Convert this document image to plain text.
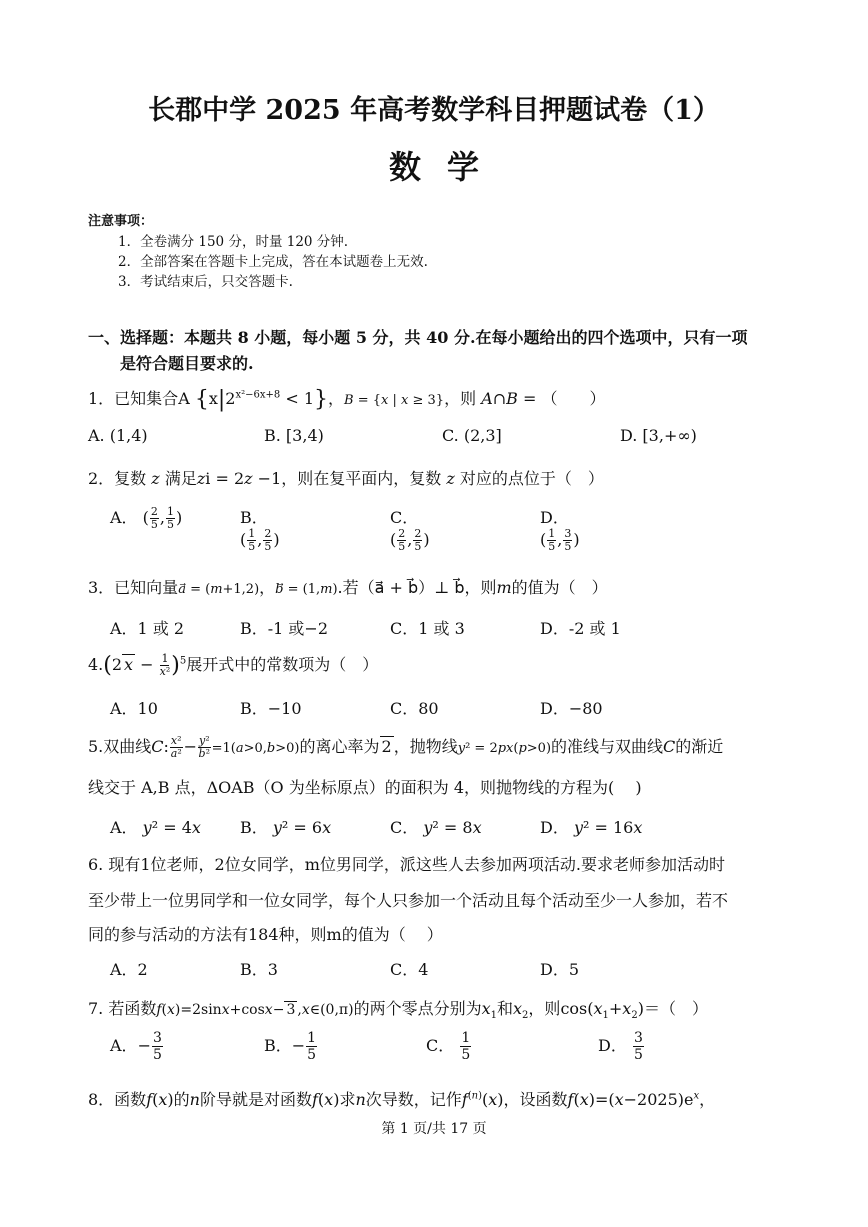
长郡中学 2025 年高考数学科目押题试卷（1）
数学
注意事项：
1．全卷满分 150 分，时量 120 分钟.
2．全部答案在答题卡上完成，答在本试题卷上无效.
3．考试结束后，只交答题卡.
一、选择题：本题共 8 小题，每小题 5 分，共 40 分.在每小题给出的四个选项中，只有一项
是符合题目要求的.
1．已知集合A $\{x|2^{x^2-6x+8} < 1\}$，B = {x | x ≥ 3}，则 A∩B = （　　）
A. (1,4)	B. [3,4)	C. (2,3]	D. [3,+∞)
2．复数 z 满足zi = 2z −1，则在复平面内，复数 z 对应的点位于（　）
A． ( $\frac{2}{5}$ , $\frac{1}{5}$ )	B．
( $\frac{1}{5}$ , $\frac{2}{5}$ )
C．
( $\frac{2}{5}$ , $\frac{2}{5}$ )
D．
( $\frac{1}{5}$ , $\frac{3}{5}$ )
3．已知向量a⃗ = (m+1,2)，b⃗ = (1,m).若（a⃗ + b⃗）⊥ b⃗，则m的值为（　）
A．1 或 2	B．-1 或−2	C．1 或 3	D．-2 或 1
4.(2 $x - \frac{1}{\text{x²}} )^5$展开式中的常数项为（　）
A．10	B．−10	C．80	D．−80
5.双曲线C: $\frac{\text{x²}}{\text{a²}} - \frac{\text{y²}}{\text{b²}} =1(a>0,b>0)$的离心率为 2 ，抛物线y² = 2px(p>0)的准线与双曲线C的渐近
线交于 A,B 点，ΔOAB（O 为坐标原点）的面积为 4，则抛物线的方程为(　 )
A． y² = 4x B． y² = 6x	C． y² = 8x	D． y² = 16x
6. 现有1位老师，2位女同学，m位男同学，派这些人去参加两项活动.要求老师参加活动时
至少带上一位男同学和一位女同学，每个人只参加一个活动且每个活动至少一人参加，若不
同的参与活动的方法有184种，则m的值为（　 ）
A．2	B．3	C．4	D．5
7. 若函数f(x)=2sinx+cosx− 3 ,x∈(0,π)的两个零点分别为$x_1$和$x_2$，则$\cos(x_1+x_2)=$（　）
A．− $\frac{3}{5}$	B．− $\frac{1}{5}$	C． $\frac{1}{5}$	D． $\frac{3}{5}$
8．函数f(x)的n阶导就是对函数f(x)求n次导数，记作$f^{(n)}(x)$，设函数$f(x)=(x-2025)e^x$，
第 1 页/共 17 页
